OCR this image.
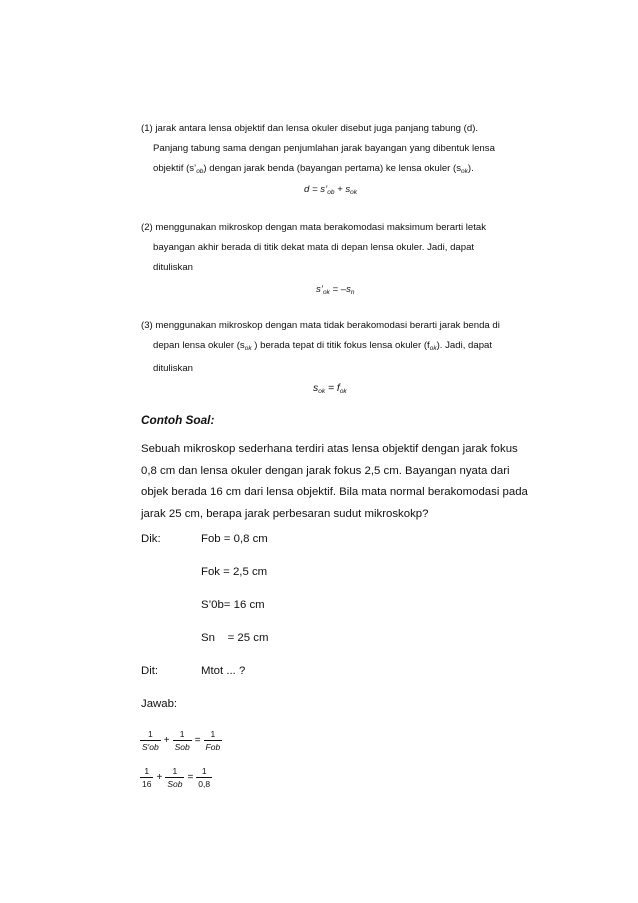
(1) jarak antara lensa objektif dan lensa okuler disebut juga panjang tabung (d).
Panjang tabung sama dengan penjumlahan jarak bayangan yang dibentuk lensa
objektif $(s’_{ob})$ dengan jarak benda (bayangan pertama) ke lensa okuler $(s_{ok})$.
$d = s’_{ob} + s_{ok}$
(2) menggunakan mikroskop dengan mata berakomodasi maksimum berarti letak
bayangan akhir berada di titik dekat mata di depan lensa okuler. Jadi, dapat
dituliskan
$s’_{ok} = -s_n$
(3) menggunakan mikroskop dengan mata tidak berakomodasi berarti jarak benda di
depan lensa okuler ($s_{ok}$ ) berada tepat di titik fokus lensa okuler $(f_{ok})$. Jadi, dapat
dituliskan
$s_{ok} = f_{ok}$
Contoh Soal:
Sebuah mikroskop sederhana terdiri atas lensa objektif dengan jarak fokus
0,8 cm dan lensa okuler dengan jarak fokus 2,5 cm. Bayangan nyata dari
objek berada 16 cm dari lensa objektif. Bila mata normal berakomodasi pada
jarak 25 cm, berapa jarak perbesaran sudut mikroskokp?
Dik:	Fob = 0,8 cm
Fok = 2,5 cm
S’0b= 16 cm
Sn    = 25 cm
Dit:	Mtot ... ?
Jawab:
$\frac{1}{S'ob} + \frac{1}{\text{Sob}} = \frac{1}{\text{Fob}}$
$\frac{1}{16} + \frac{1}{\text{Sob}} = \frac{1}{0,8}$
